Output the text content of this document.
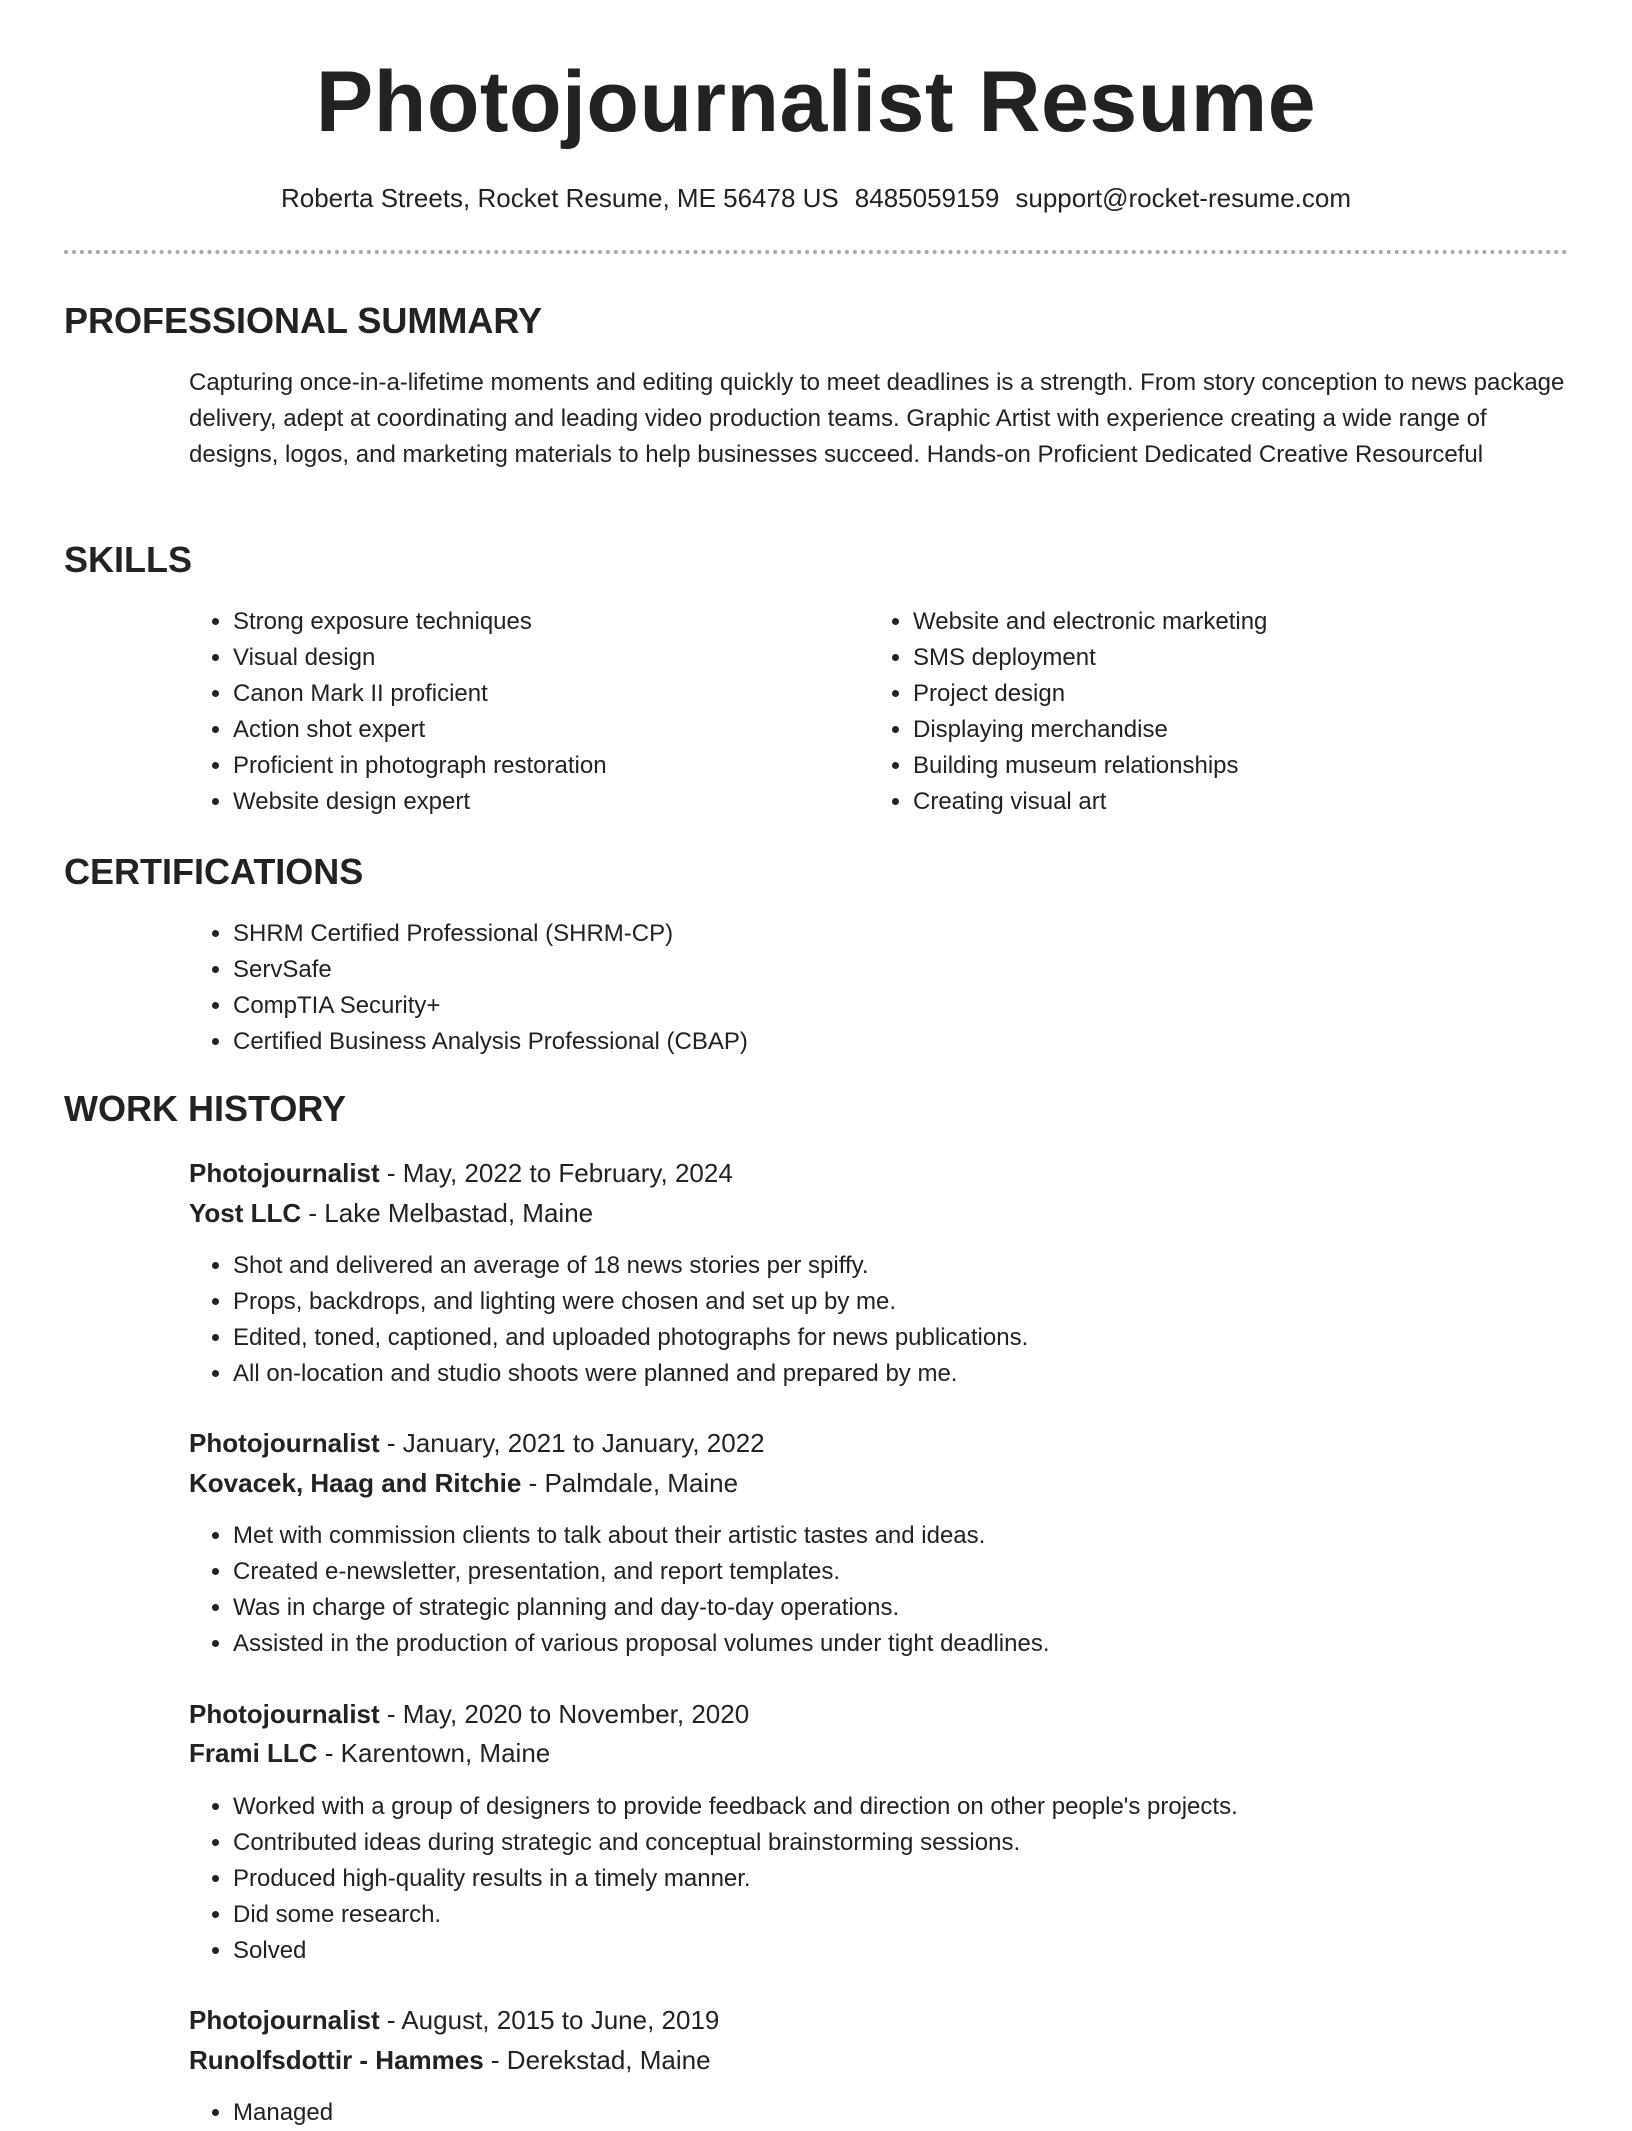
Photojournalist Resume
Roberta Streets, Rocket Resume, ME 56478 US 8485059159 support@rocket-resume.com
PROFESSIONAL SUMMARY

Capturing once-in-a-lifetime moments and editing quickly to meet deadlines is a strength. From story conception to news package delivery, adept at coordinating and leading video production teams. Graphic Artist with experience creating a wide range of designs, logos, and marketing materials to help businesses succeed. Hands-on Proficient Dedicated Creative Resourceful

SKILLS
• Strong exposure techniques
• Visual design
• Canon Mark II proficient
• Action shot expert
• Proficient in photograph restoration
• Website design expert
• Website and electronic marketing
• SMS deployment
• Project design
• Displaying merchandise
• Building museum relationships
• Creating visual art
CERTIFICATIONS
• SHRM Certified Professional (SHRM-CP)
• ServSafe
• CompTIA Security+
• Certified Business Analysis Professional (CBAP)
WORK HISTORY
Photojournalist - May, 2022 to February, 2024
Yost LLC - Lake Melbastad, Maine
• Shot and delivered an average of 18 news stories per spiffy.
• Props, backdrops, and lighting were chosen and set up by me.
• Edited, toned, captioned, and uploaded photographs for news publications.
• All on-location and studio shoots were planned and prepared by me.
Photojournalist - January, 2021 to January, 2022
Kovacek, Haag and Ritchie - Palmdale, Maine
• Met with commission clients to talk about their artistic tastes and ideas.
• Created e-newsletter, presentation, and report templates.
• Was in charge of strategic planning and day-to-day operations.
• Assisted in the production of various proposal volumes under tight deadlines.
Photojournalist - May, 2020 to November, 2020
Frami LLC - Karentown, Maine
• Worked with a group of designers to provide feedback and direction on other people's projects.
• Contributed ideas during strategic and conceptual brainstorming sessions.
• Produced high-quality results in a timely manner.
• Did some research.
• Solved
Photojournalist - August, 2015 to June, 2019
Runolfsdottir - Hammes - Derekstad, Maine
• Managed
